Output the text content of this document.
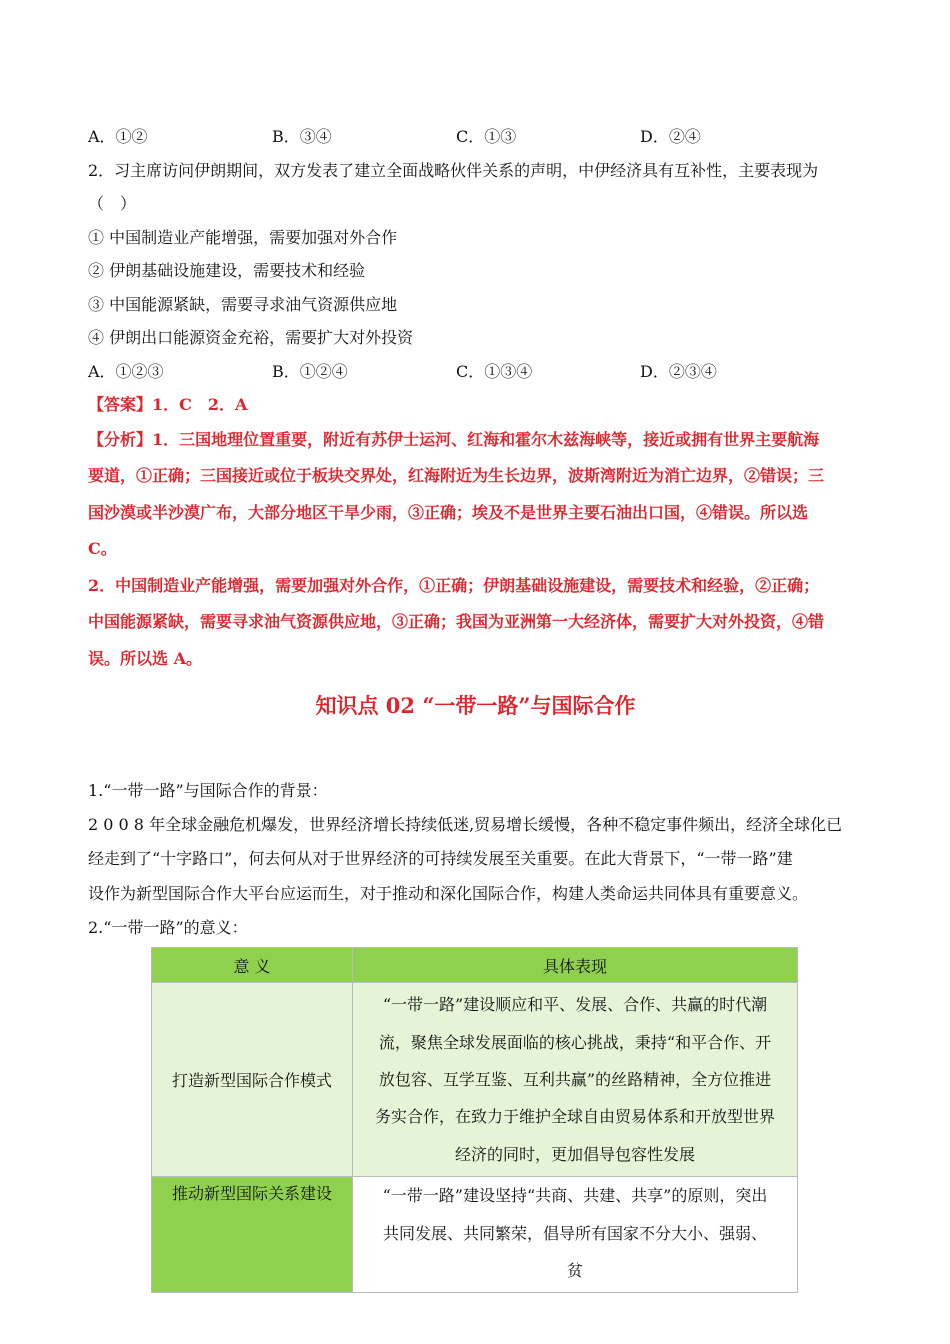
A．①②	B．③④	C．①③	D．②④
2．习主席访问伊朗期间，双方发表了建立全面战略伙伴关系的声明，中伊经济具有互补性，主要表现为
（　）
① 中国制造业产能增强，需要加强对外合作
② 伊朗基础设施建设，需要技术和经验
③ 中国能源紧缺，需要寻求油气资源供应地
④ 伊朗出口能源资金充裕，需要扩大对外投资
A．①②③	B．①②④	C．①③④	D．②③④
【答案】1．C　2．A
【分析】1．三国地理位置重要，附近有苏伊士运河、红海和霍尔木兹海峡等，接近或拥有世界主要航海
要道，①正确；三国接近或位于板块交界处，红海附近为生长边界，波斯湾附近为消亡边界，②错误；三
国沙漠或半沙漠广布，大部分地区干旱少雨，③正确；埃及不是世界主要石油出口国，④错误。所以选
C。
2．中国制造业产能增强，需要加强对外合作，①正确；伊朗基础设施建设，需要技术和经验，②正确；
中国能源紧缺，需要寻求油气资源供应地，③正确；我国为亚洲第一大经济体，需要扩大对外投资，④错
误。所以选 A。
知识点 02 “一带一路”与国际合作
1.“一带一路”与国际合作的背景：
2 0 0 8 年全球金融危机爆发，世界经济增长持续低迷,贸易增长缓慢，各种不稳定事件频出，经济全球化已
经走到了“十字路口”，何去何从对于世界经济的可持续发展至关重要。在此大背景下，“一带一路”建
设作为新型国际合作大平台应运而生，对于推动和深化国际合作，构建人类命运共同体具有重要意义。
2.“一带一路”的意义：
意 义	具体表现
打造新型国际合作模式	“一带一路”建设顺应和平、发展、合作、共赢的时代潮
流，聚焦全球发展面临的核心挑战，秉持“和平合作、开
放包容、互学互鉴、互利共赢”的丝路精神，全方位推进
务实合作，在致力于维护全球自由贸易体系和开放型世界
经济的同时，更加倡导包容性发展

推动新型国际关系建设	“一带一路”建设坚持“共商、共建、共享”的原则，突出
共同发展、共同繁荣，倡导所有国家不分大小、强弱、贫
